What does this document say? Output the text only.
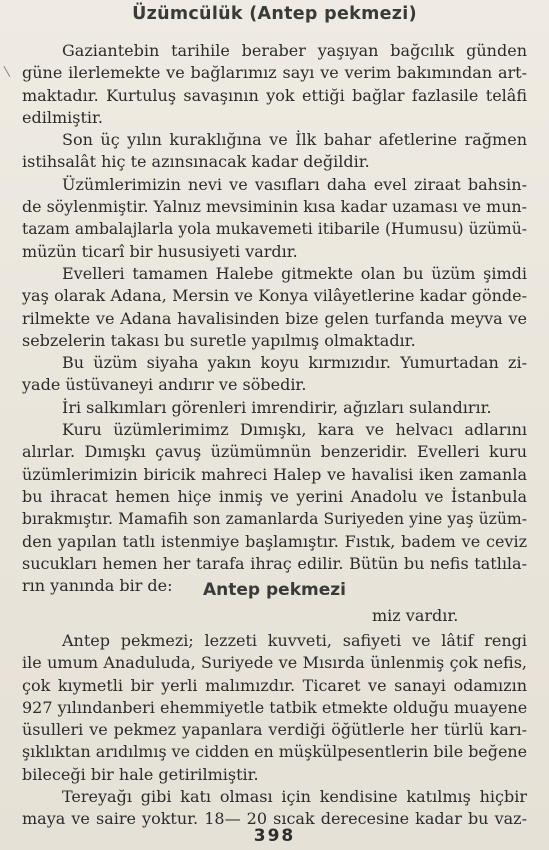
Üzümcülük (Antep pekmezi)
Gaziantebin tarihile beraber yaşıyan bağcılık günden
güne ilerlemekte ve bağlarımız sayı ve verim bakımından art-
maktadır. Kurtuluş savaşının yok ettiği bağlar fazlasile telâfi
edilmiştir.
Son üç yılın kuraklığına ve İlk bahar afetlerine rağmen
istihsalât hiç te azınsınacak kadar değildir.
Üzümlerimizin nevi ve vasıfları daha evel ziraat bahsin-
de söylenmiştir. Yalnız mevsiminin kısa kadar uzaması ve mun-
tazam ambalajlarla yola mukavemeti itibarile (Humusu) üzümü-
müzün ticarî bir hususiyeti vardır.
Evelleri tamamen Halebe gitmekte olan bu üzüm şimdi
yaş olarak Adana, Mersin ve Konya vilâyetlerine kadar gönde-
rilmekte ve Adana havalisinden bize gelen turfanda meyva ve
sebzelerin takası bu suretle yapılmış olmaktadır.
Bu üzüm siyaha yakın koyu kırmızıdır. Yumurtadan zi-
yade üstüvaneyi andırır ve söbedir.
İri salkımları görenleri imrendirir, ağızları sulandırır.
Kuru üzümlerimimz Dımışkı, kara ve helvacı adlarını
alırlar. Dımışkı çavuş üzümümnün benzeridir. Evelleri kuru
üzümlerimizin biricik mahreci Halep ve havalisi iken zamanla
bu ihracat hemen hiçe inmiş ve yerini Anadolu ve İstanbula
bırakmıştır. Mamafih son zamanlarda Suriyeden yine yaş üzüm-
den yapılan tatlı istenmiye başlamıştır. Fıstık, badem ve ceviz
sucukları hemen her tarafa ihraç edilir. Bütün bu nefis tatlıla-
rın yanında bir de:	Antep pekmezi
miz vardır.
Antep pekmezi; lezzeti kuvveti, safiyeti ve lâtif rengi
ile umum Anaduluda, Suriyede ve Mısırda ünlenmiş çok nefis,
çok kıymetli bir yerli malımızdır. Ticaret ve sanayi odamızın
927 yılındanberi ehemmiyetle tatbik etmekte olduğu muayene
üsulleri ve pekmez yapanlara verdiği öğütlerle her türlü karı-
şıklıktan arıdılmış ve cidden en müşkülpesentlerin bile beğene
bileceği bir hale getirilmiştir.
Tereyağı gibi katı olması için kendisine katılmış hiçbir
maya ve saire yoktur. 18— 20 sıcak derecesine kadar bu vaz-
398
